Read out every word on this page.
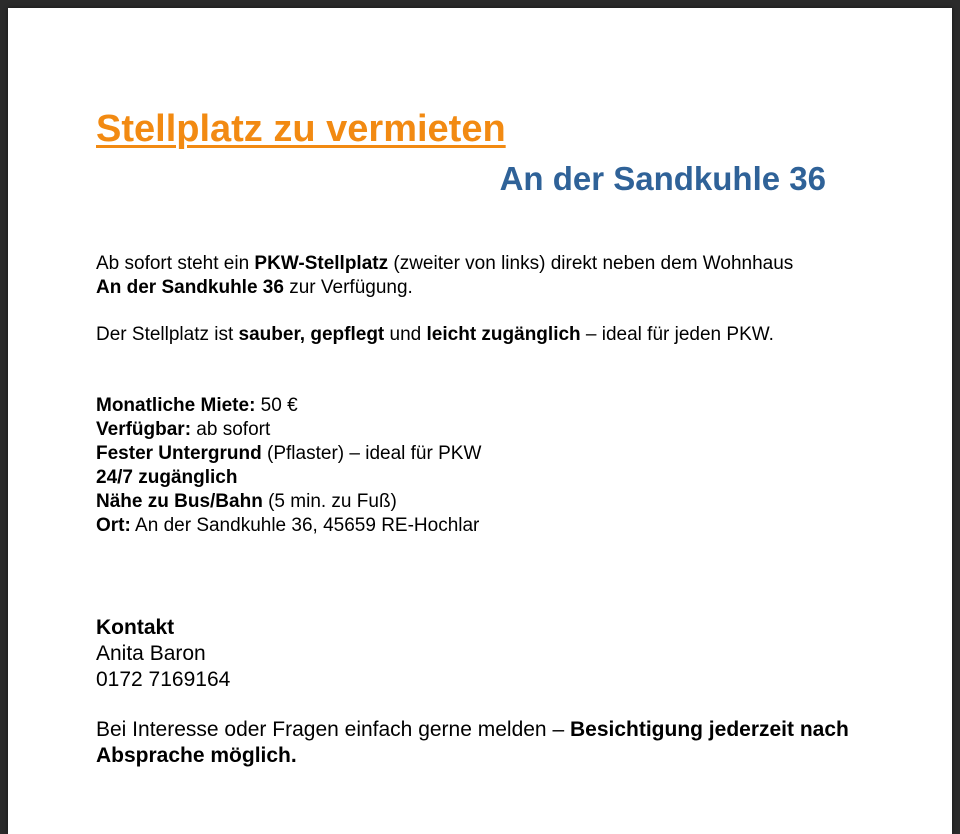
Stellplatz zu vermieten
An der Sandkuhle 36
Ab sofort steht ein PKW-Stellplatz (zweiter von links) direkt neben dem Wohnhaus An der Sandkuhle 36 zur Verfügung.
Der Stellplatz ist sauber, gepflegt und leicht zugänglich – ideal für jeden PKW.
Monatliche Miete: 50 €
Verfügbar: ab sofort
Fester Untergrund (Pflaster) – ideal für PKW
24/7 zugänglich
Nähe zu Bus/Bahn (5 min. zu Fuß)
Ort: An der Sandkuhle 36, 45659 RE-Hochlar
Kontakt
Anita Baron
0172 7169164
Bei Interesse oder Fragen einfach gerne melden – Besichtigung jederzeit nach Absprache möglich.
